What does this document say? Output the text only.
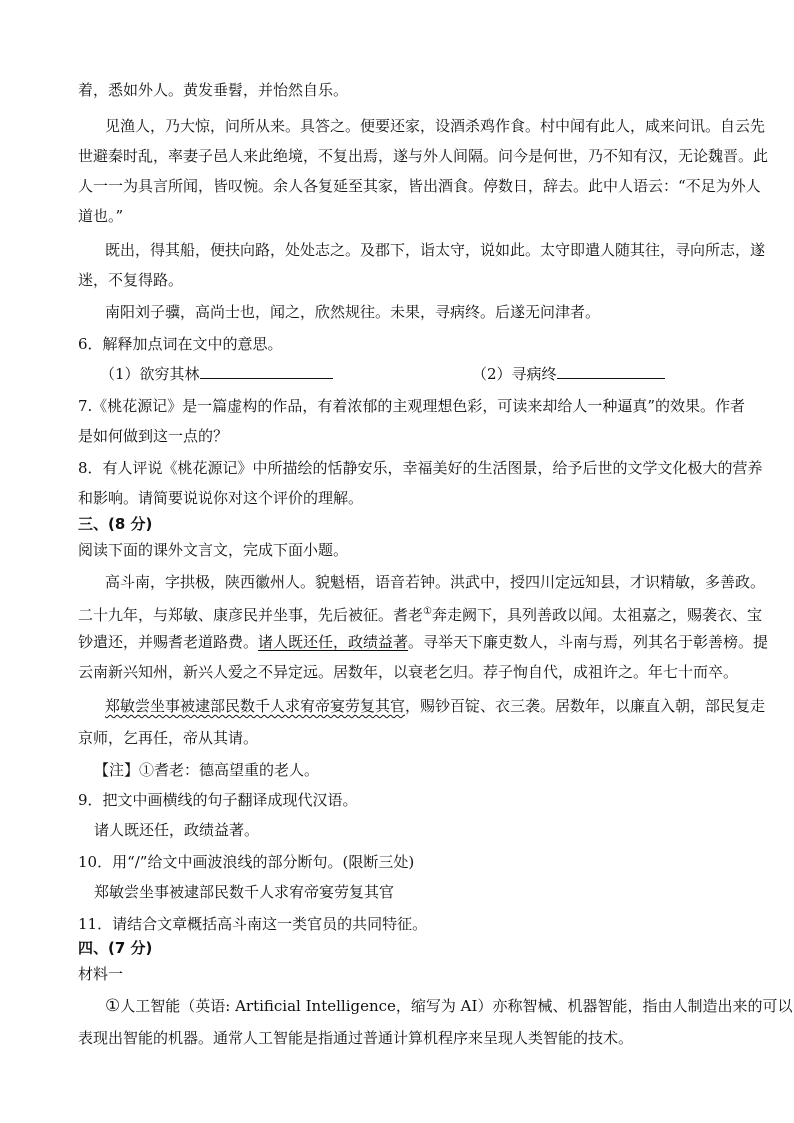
着，悉如外人。黄发垂髫，并怡然自乐。
见渔人，乃大惊，问所从来。具答之。便要还家，设酒杀鸡作食。村中闻有此人，咸来问讯。自云先
世避秦时乱，率妻子邑人来此绝境，不复出焉，遂与外人间隔。问今是何世，乃不知有汉，无论魏晋。此
人一一为具言所闻，皆叹惋。余人各复延至其家，皆出酒食。停数日，辞去。此中人语云：“不足为外人
道也。”
既出，得其船，便扶向路，处处志之。及郡下，诣太守，说如此。太守即遣人随其往，寻向所志，遂
迷，不复得路。
南阳刘子骥，高尚士也，闻之，欣然规往。未果，寻病终。后遂无问津者。
6．解释加点词在文中的意思。
（1）欲穷其林	（2）寻病终
7.《桃花源记》是一篇虚构的作品，有着浓郁的主观理想色彩，可读来却给人一种逼真”的效果。作者
是如何做到这一点的？
8．有人评说《桃花源记》中所描绘的恬静安乐，幸福美好的生活图景，给予后世的文学文化极大的营养
和影响。请简要说说你对这个评价的理解。
三、(8 分)
阅读下面的课外文言文，完成下面小题。
高斗南，字拱极，陕西徽州人。貌魁梧，语音若钟。洪武中，授四川定远知县，才识精敏，多善政。
二十九年，与郑敏、康彦民并坐事，先后被征。耆老①奔走阙下，具列善政以闻。太祖嘉之，赐袭衣、宝
钞遣还，并赐耆老道路费。诸人既还任，政绩益著。寻举天下廉吏数人，斗南与焉，列其名于彰善榜。提
云南新兴知州，新兴人爱之不异定远。居数年，以衰老乞归。荐子恂自代，成祖许之。年七十而卒。
郑敏尝坐事被逮部民数千人求宥帝宴劳复其官，赐钞百锭、衣三袭。居数年，以廉直入朝，部民复走
京师，乞再任，帝从其请。
【注】①耆老：德高望重的老人。
9．把文中画横线的句子翻译成现代汉语。
诸人既还任，政绩益著。
10．用“/”给文中画波浪线的部分断句。(限断三处)
郑敏尝坐事被逮部民数千人求宥帝宴劳复其官
11．请结合文章概括高斗南这一类官员的共同特征。
四、(7 分)
材料一
①人工智能（英语: Artificial Intelligence，缩写为 AI）亦称智械、机器智能，指由人制造出来的可以
表现出智能的机器。通常人工智能是指通过普通计算机程序来呈现人类智能的技术。
